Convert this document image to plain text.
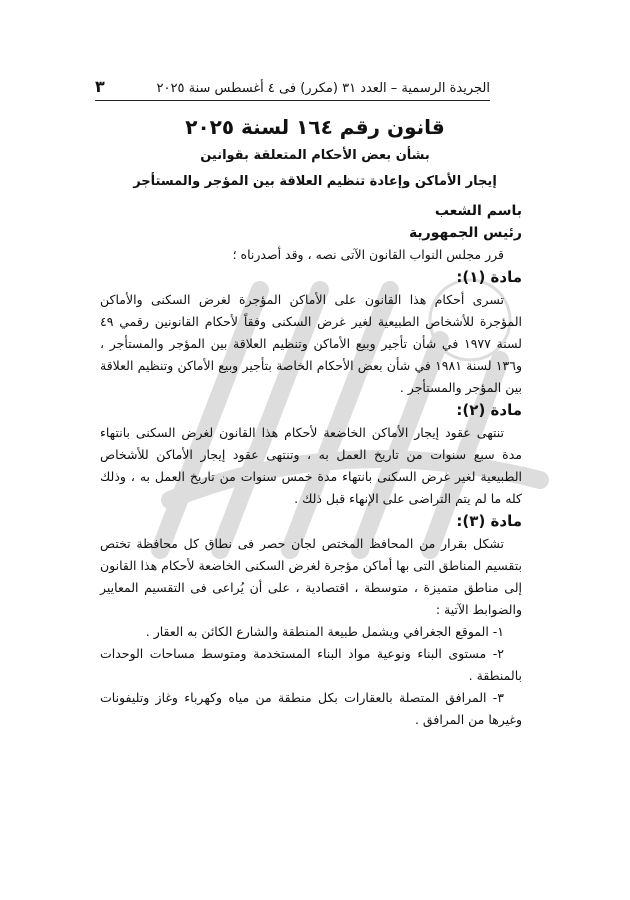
الجريدة الرسمية – العدد ٣١ (مكرر) فى ٤ أغسطس سنة ٢٠٢٥
٣
قانون رقم ١٦٤ لسنة ٢٠٢٥
بشأن بعض الأحكام المتعلقة بقوانين
إيجار الأماكن وإعادة تنظيم العلاقة بين المؤجر والمستأجر

باسم الشعب

رئيس الجمهورية

قرر مجلس النواب القانون الآتى نصه ، وقد أصدرناه ؛

مادة (١):

تسرى أحكام هذا القانون على الأماكن المؤجرة لغرض السكنى والأماكن المؤجرة للأشخاص الطبيعية لغير غرض السكنى وفقاً لأحكام القانونين رقمي ٤٩ لسنة ١٩٧٧ في شأن تأجير وبيع الأماكن وتنظيم العلاقة بين المؤجر والمستأجر ، و١٣٦ لسنة ١٩٨١ في شأن بعض الأحكام الخاصة بتأجير وبيع الأماكن وتنظيم العلاقة بين المؤجر والمستأجر .

مادة (٢):

تنتهى عقود إيجار الأماكن الخاضعة لأحكام هذا القانون لغرض السكنى بانتهاء مدة سبع سنوات من تاريخ العمل به ، وتنتهى عقود إيجار الأماكن للأشخاص الطبيعية لغير غرض السكنى بانتهاء مدة خمس سنوات من تاريخ العمل به ، وذلك كله ما لم يتم التراضى على الإنهاء قبل ذلك .

مادة (٣):

تشكل بقرار من المحافظ المختص لجان حصر فى نطاق كل محافظة تختص بتقسيم المناطق التى بها أماكن مؤجرة لغرض السكنى الخاضعة لأحكام هذا القانون إلى مناطق متميزة ، متوسطة ، اقتصادية ، على أن يُراعى فى التقسيم المعايير والضوابط الآتية :

١- الموقع الجغرافي ويشمل طبيعة المنطقة والشارع الكائن به العقار .

٢- مستوى البناء ونوعية مواد البناء المستخدمة ومتوسط مساحات الوحدات بالمنطقة .

٣- المرافق المتصلة بالعقارات بكل منطقة من مياه وكهرباء وغاز وتليفونات وغيرها من المرافق .
